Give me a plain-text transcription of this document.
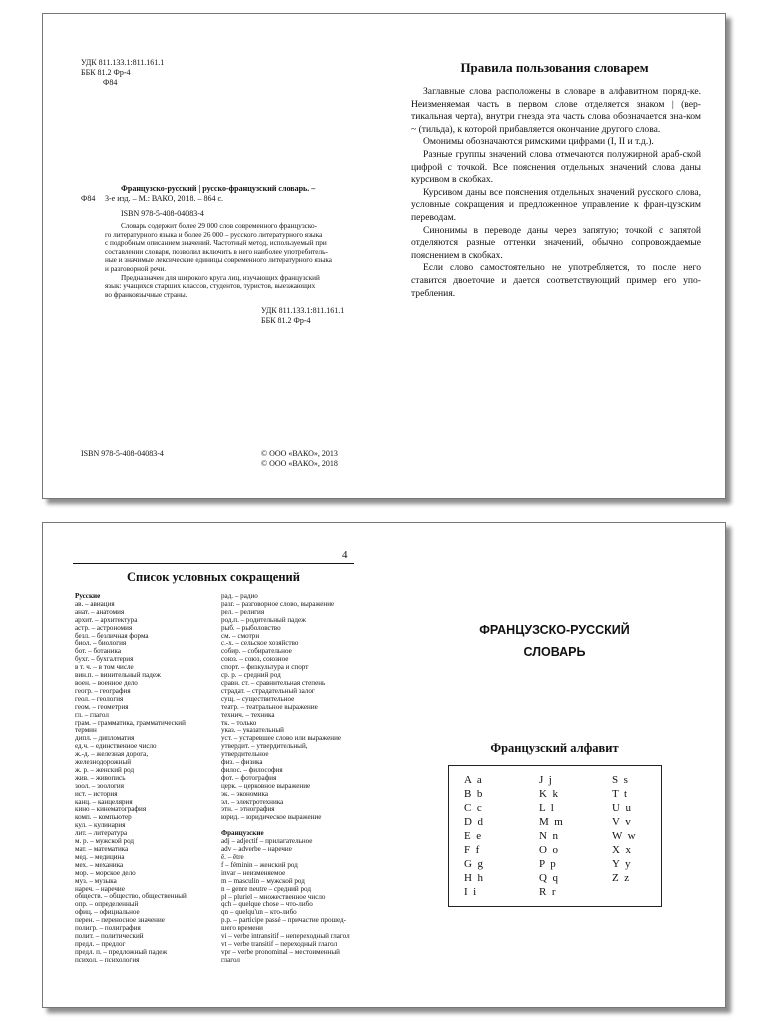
УДК 811.133.1:811.161.1
ББК 81.2 Фр-4
Ф84
Французско-русский | русско-французский словарь. –
Ф84 3-е изд. – М.: ВАКО, 2018. – 864 с.
ISBN 978-5-408-04083-4
Словарь содержит более 29 000 слов современного французско-
го литературного языка и более 26 000 – русского литературного языка
с подробным описанием значений. Частотный метод, используемый при
составлении словаря, позволил включить в него наиболее употребитель-
ные и значимые лексические единицы современного литературного языка
и разговорной речи.
Предназначен для широкого круга лиц, изучающих французский
язык: учащихся старших классов, студентов, туристов, выезжающих
во франкоязычные страны.
УДК 811.133.1:811.161.1
ББК 81.2 Фр-4
ISBN 978-5-408-04083-4	© ООО «ВАКО», 2013
© ООО «ВАКО», 2018
Правила пользования словарем

Заглавные слова расположены в словаре в алфавитном поряд-ке. Неизменяемая часть в первом слове отделяется знаком | (вер-тикальная черта), внутри гнезда эта часть слова обозначается зна-ком ~ (тильда), к которой прибавляется окончание другого слова.

Омонимы обозначаются римскими цифрами (I, II и т.д.).

Разные группы значений слова отмечаются полужирной араб-ской цифрой с точкой. Все пояснения отдельных значений слова даны курсивом в скобках.

Курсивом даны все пояснения отдельных значений русского слова, условные сокращения и предложенное управление к фран-цузским переводам.

Синонимы в переводе даны через запятую; точкой с запятой отделяются разные оттенки значений, обычно сопровождаемые пояснением в скобках.

Если слово самостоятельно не употребляется, то после него ставится двоеточие и дается соответствующий пример его упо-требления.

4
Список условных сокращений
Русские
ав. – авиация
анат. – анатомия
архит. – архитектура
астр. – астрономия
безл. – безличная форма
биол. – биология
бот. – ботаника
бухг. – бухгалтерия
в т. ч. – в том числе
вин.п. – винительный падеж
воен. – военное дело
геогр. – география
геол. – геология
геом. – геометрия
гл. – глагол
грам. – грамматика, грамматический
термин
дипл. – дипломатия
ед.ч. – единственное число
ж.-д. – железная дорога,
железнодорожный
ж. р. – женский род
жив. – живопись
зоол. – зоология
ист. – история
канц. – канцелярия
кино – кинематография
комп. – компьютер
кул. – кулинария
лит. – литература
м. р. – мужской род
мат. – математика
мед. – медицина
мех. – механика
мор. – морское дело
муз. – музыка
нареч. – наречие
обществ. – общество, общественный
опр. – определенный
офиц. – официальное
перен. – переносное значение
полигр. – полиграфия
полит. – политический
предл. – предлог
предл. п. – предложный падеж
психол. – психология
рад. – радио
разг. – разговорное слово, выражение
рел. – религия
род.п. – родительный падеж
рыб. – рыболовство
см. – смотри
с.-х. – сельское хозяйство
собир. – собирательное
союз. – союз, союзное
спорт. – физкультура и спорт
ср. р. – средний род
сравн. ст. – сравнительная степень
страдат. – страдательный залог
сущ. – существительное
театр. – театральное выражение
технич. – техника
тк. – только
указ. – указательный
уст. – устаревшее слово или выражение
утвердит. – утвердительный,
утвердительное
физ. – физика
филос. – философия
фот. – фотография
церк. – церковное выражение
эк. – экономика
эл. – электротехника
этн. – этнография
юрид. – юридическое выражение
Французские
adj – adjectif – прилагательное
adv – adverbe – наречие
ê. – être
f – féminin – женский род
invar – неизменяемое
m – masculin – мужской род
n – genre neutre – средний род
pl – pluriel – множественное число
qch – quelque chose – что-либо
qn – quelqu'un – кто-либо
p.p. – participe passé – причастие прошед-
шего времени
vi – verbe intransitif – непереходный глагол
vt – verbe transitif – переходный глагол
vpr – verbe pronominal – местоименный
глагол
ФРАНЦУЗСКО-РУССКИЙ
СЛОВАРЬ
Французский алфавит
A  a
B  b
C  c
D  d
E  e
F  f
G  g
H  h
I  i
J  j
K  k
L  l
M  m
N  n
O  o
P  p
Q  q
R  r
S  s
T  t
U  u
V  v
W  w
X  x
Y  y
Z  z
